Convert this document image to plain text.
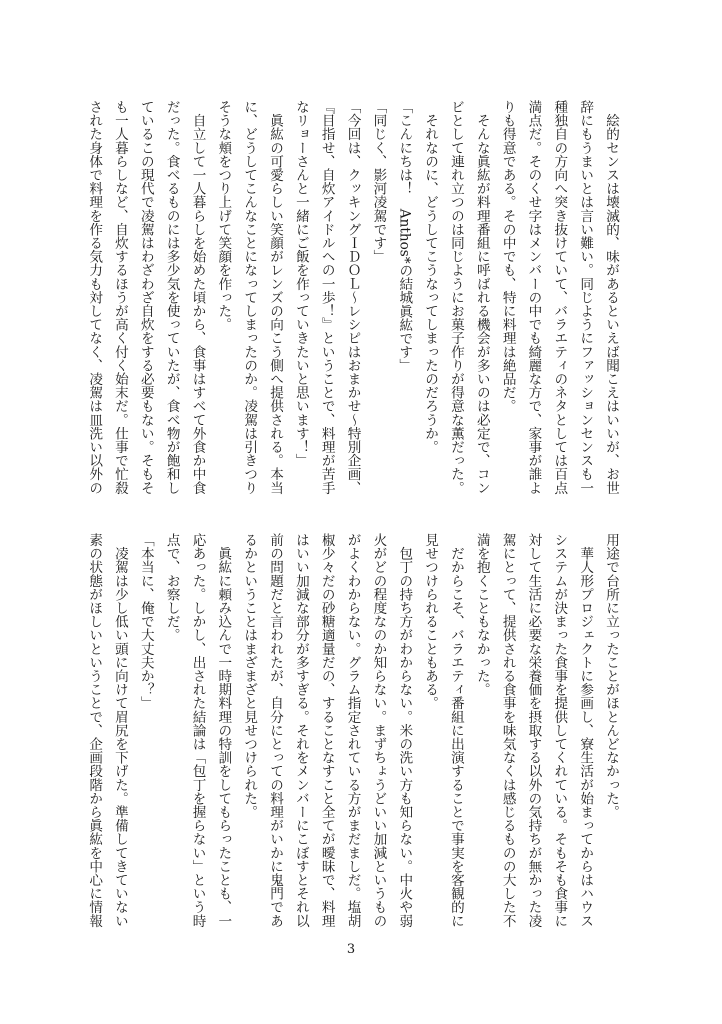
　絵的センスは壊滅的、味があるといえば聞こえはいいが、お世
辞にもうまいとは言い難い。同じようにファッションセンスも一
種独自の方向へ突き抜けていて、バラエティのネタとしては百点
満点だ。そのくせ字はメンバーの中でも綺麗な方で、家事が誰よ
りも得意である。その中でも、特に料理は絶品だ。
　そんな眞紘が料理番組に呼ばれる機会が多いのは必定で、コン
ビとして連れ立つのは同じようにお菓子作りが得意な薫だった。
　それなのに、どうしてこうなってしまったのだろうか。
「こんにちは！　Anthos*の結城眞紘です」
「同じく、影河凌駕です」
「今回は、クッキングＩＤＯＬ～レシピはおまかせ～特別企画、
『目指せ、自炊アイドルへの一歩！』ということで、料理が苦手
なリョーさんと一緒にご飯を作っていきたいと思います！」
　眞紘の可愛らしい笑顔がレンズの向こう側へ提供される。本当
に、どうしてこんなことになってしまったのか。凌駕は引きつり
そうな頬をつり上げて笑顔を作った。
　自立して一人暮らしを始めた頃から、食事はすべて外食か中食
だった。食べるものには多少気を使っていたが、食べ物が飽和し
ているこの現代で凌駕はわざわざ自炊をする必要もない。そもそ
も一人暮らしなど、自炊するほうが高く付く始末だ。仕事で忙殺
された身体で料理を作る気力も対してなく、凌駕は皿洗い以外の
用途で台所に立ったことがほとんどなかった。
　華人形プロジェクトに参画し、寮生活が始まってからはハウス
システムが決まった食事を提供してくれている。そもそも食事に
対して生活に必要な栄養価を摂取する以外の気持ちが無かった凌
駕にとって、提供される食事を味気なくは感じるものの大した不
満を抱くこともなかった。
　だからこそ、バラエティ番組に出演することで事実を客観的に
見せつけられることもある。
　包丁の持ち方がわからない。米の洗い方も知らない。中火や弱
火がどの程度なのか知らない。まずちょうどいい加減というもの
がよくわからない。グラム指定されている方がまだましだ。塩胡
椒少々だの砂糖適量だの、することなすこと全てが曖昧で、料理
はいい加減な部分が多すぎる。それをメンバーにこぼすとそれ以
前の問題だと言われたが、自分にとっての料理がいかに鬼門であ
るかということはまざまざと見せつけられた。
　眞紘に頼み込んで一時期料理の特訓をしてもらったことも、一
応あった。しかし、出された結論は「包丁を握らない」という時
点で、お察しだ。
「本当に、俺で大丈夫か？」
　凌駕は少し低い頭に向けて眉尻を下げた。準備してきていない
素の状態がほしいということで、企画段階から眞紘を中心に情報
3
